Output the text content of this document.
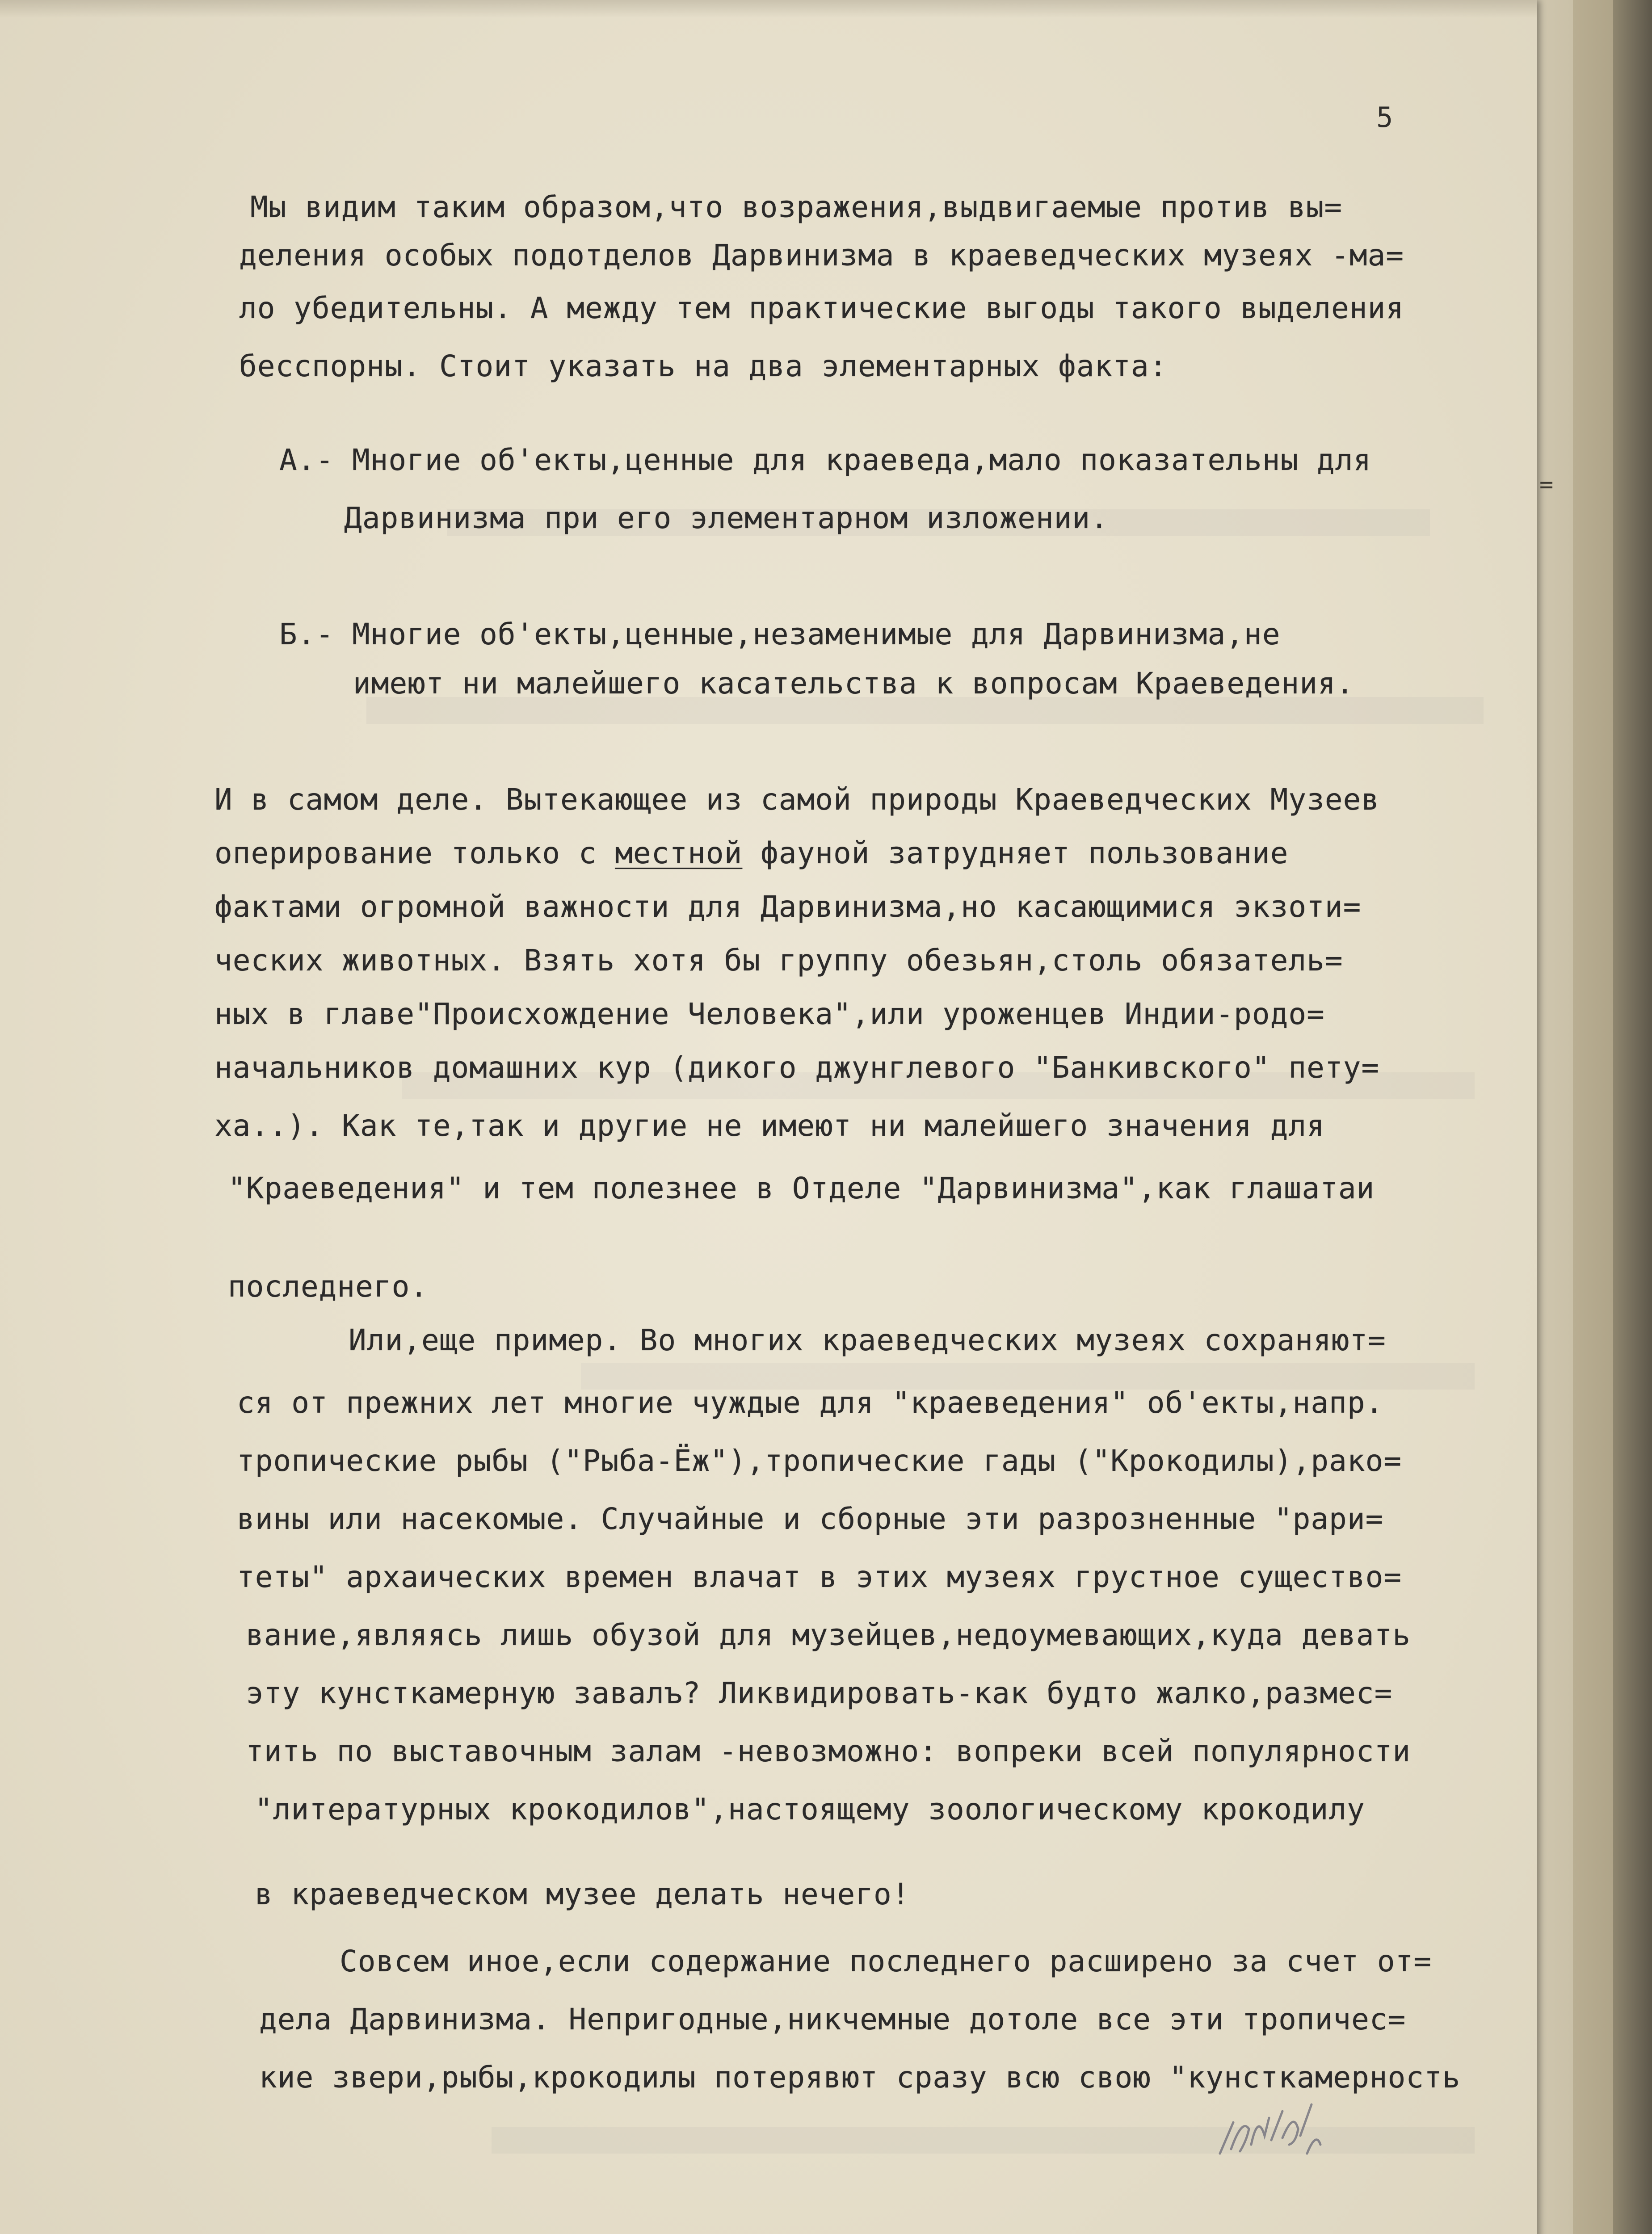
5
Мы видим таким образом,что возражения,выдвигаемые против вы=
деления особых подотделов Дарвинизма в краеведческих музеях -ма=
ло убедительны. А между тем практические выгоды такого выделения
бесспорны. Стоит указать на два элементарных факта:
А.- Многие об'екты,ценные для краеведа,мало показательны для
Дарвинизма при его элементарном изложении.
Б.- Многие об'екты,ценные,незаменимые для Дарвинизма,не
имеют ни малейшего касательства к вопросам Краеведения.
И в самом деле. Вытекающее из самой природы Краеведческих Музеев
оперирование только с местной фауной затрудняет пользование
фактами огромной важности для Дарвинизма,но касающимися экзоти=
ческих животных. Взять хотя бы группу обезьян,столь обязатель=
ных в главе"Происхождение Человека",или уроженцев Индии-родо=
начальников домашних кур (дикого джунглевого "Банкивского" пету=
ха..). Как те,так и другие не имеют ни малейшего значения для
"Краеведения" и тем полезнее в Отделе "Дарвинизма",как глашатаи
последнего.
Или,еще пример. Во многих краеведческих музеях сохраняют=
ся от прежних лет многие чуждые для "краеведения" об'екты,напр.
тропические рыбы ("Рыба-Ёж"),тропические гады ("Крокодилы),рако=
вины или насекомые. Случайные и сборные эти разрозненные "рари=
теты" архаических времен влачат в этих музеях грустное существо=
вание,являясь лишь обузой для музейцев,недоумевающих,куда девать
эту кунсткамерную завалъ? Ликвидировать-как будто жалко,размес=
тить по выставочным залам -невозможно: вопреки всей популярности
"литературных крокодилов",настоящему зоологическому крокодилу
в краеведческом музее делать нечего!
Совсем иное,если содержание последнего расширено за счет от=
дела Дарвинизма. Непригодные,никчемные дотоле все эти тропичес=
кие звери,рыбы,крокодилы потерявют сразу всю свою "кунсткамерность
=
